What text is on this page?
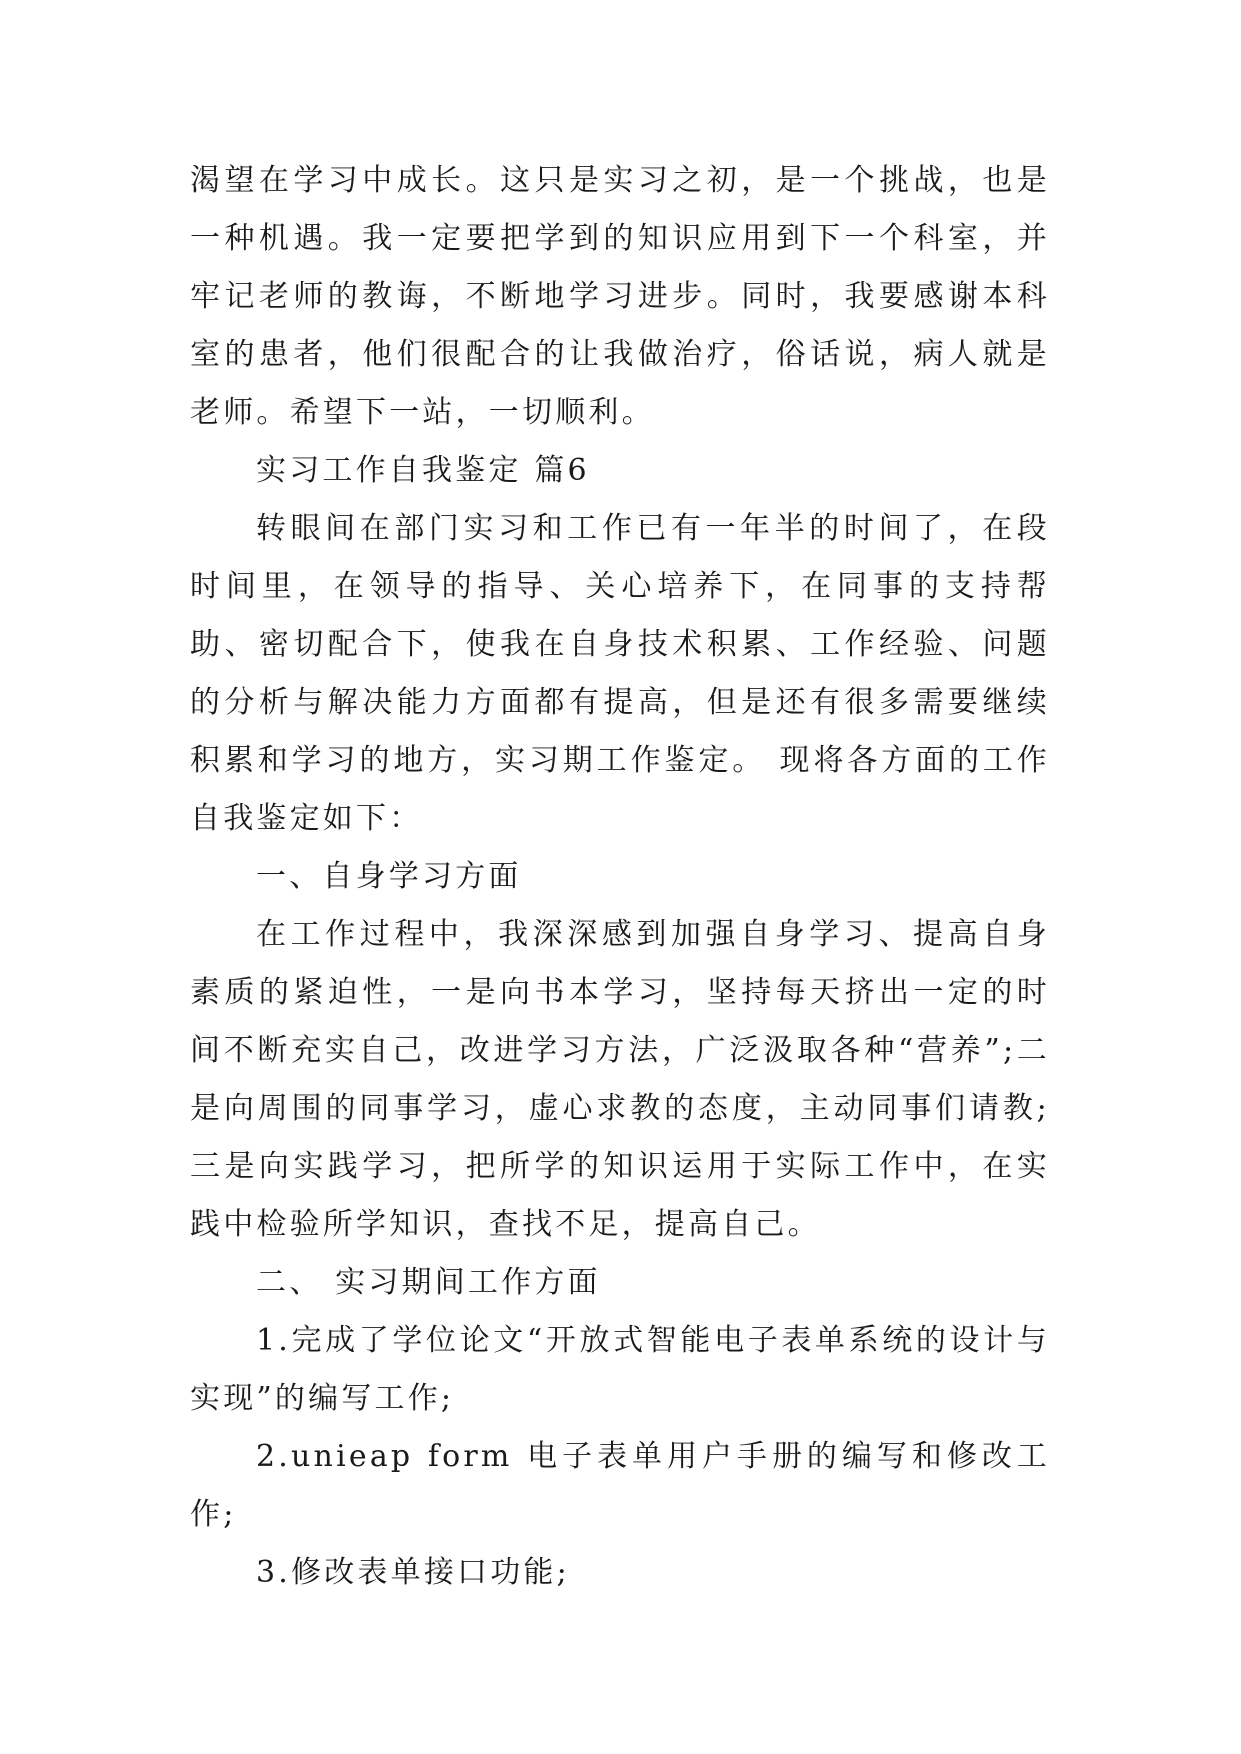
渴望在学习中成长。这只是实习之初，是一个挑战，也是一种机遇。我一定要把学到的知识应用到下一个科室，并牢记老师的教诲，不断地学习进步。同时，我要感谢本科室的患者，他们很配合的让我做治疗，俗话说，病人就是老师。希望下一站，一切顺利。

实习工作自我鉴定 篇6

转眼间在部门实习和工作已有一年半的时间了，在段时间里，在领导的指导、关心培养下，在同事的支持帮助、密切配合下，使我在自身技术积累、工作经验、问题的分析与解决能力方面都有提高，但是还有很多需要继续积累和学习的地方，实习期工作鉴定。 现将各方面的工作自我鉴定如下：

一、自身学习方面

在工作过程中，我深深感到加强自身学习、提高自身素质的紧迫性，一是向书本学习，坚持每天挤出一定的时间不断充实自己，改进学习方法，广泛汲取各种“营养”;二是向周围的同事学习，虚心求教的态度，主动同事们请教;三是向实践学习，把所学的知识运用于实际工作中，在实践中检验所学知识，查找不足，提高自己。

二、 实习期间工作方面

1.完成了学位论文“开放式智能电子表单系统的设计与实现”的编写工作;

2.unieap form 电子表单用户手册的编写和修改工作;

3.修改表单接口功能;
